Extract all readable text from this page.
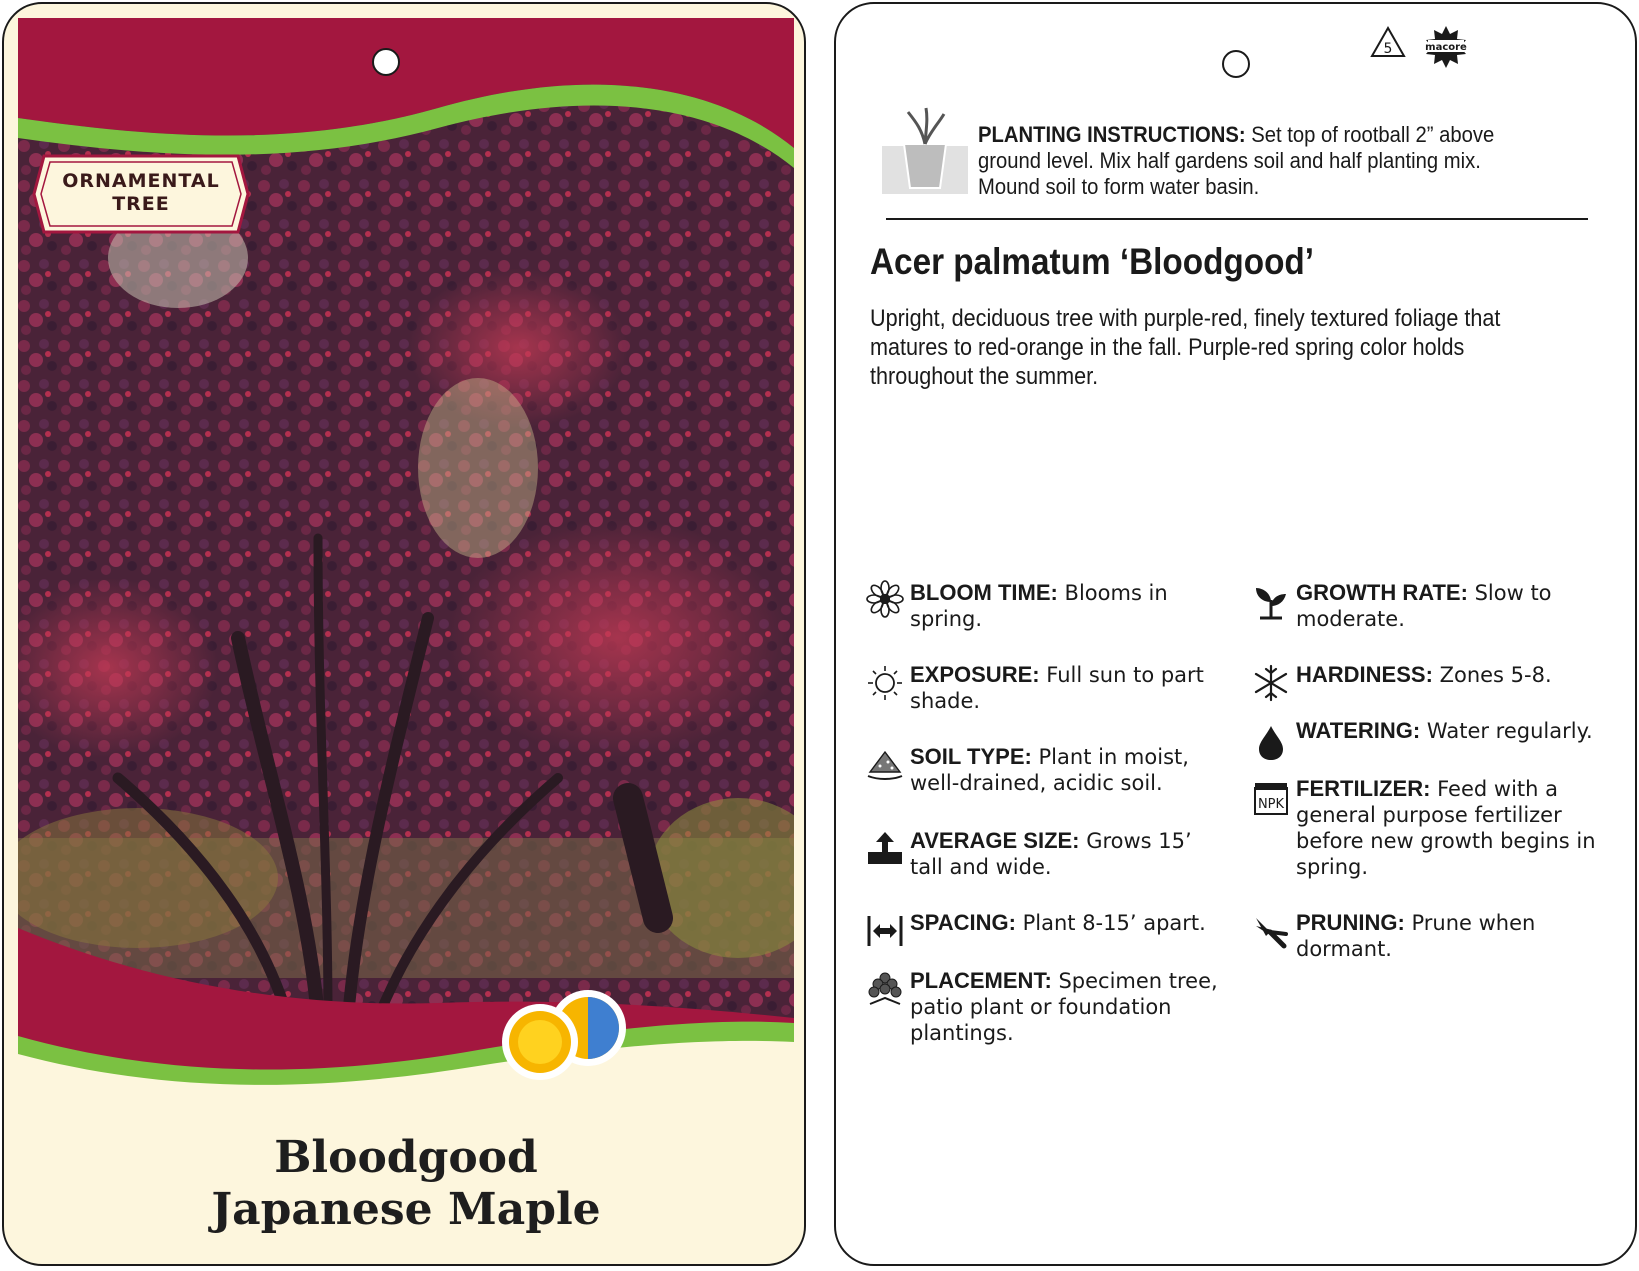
ORNAMENTAL
TREE
Bloodgood
Japanese Maple
5	macore
PLANTING INSTRUCTIONS: Set top of rootball 2” above ground level. Mix half gardens soil and half planting mix. Mound soil to form water basin.
Acer palmatum ‘Bloodgood’
Upright, deciduous tree with purple-red, finely textured foliage that matures to red-orange in the fall. Purple-red spring color holds throughout the summer.
BLOOM TIME: Blooms in spring.
EXPOSURE: Full sun to part shade.
SOIL TYPE: Plant in moist, well-drained, acidic soil.
AVERAGE SIZE: Grows 15’ tall and wide.
SPACING: Plant 8-15’ apart.
PLACEMENT: Specimen tree, patio plant or foundation plantings.
GROWTH RATE: Slow to moderate.
HARDINESS: Zones 5-8.
WATERING: Water regularly.
NPK
FERTILIZER: Feed with a general purpose fertilizer before new growth begins in spring.
PRUNING: Prune when dormant.
